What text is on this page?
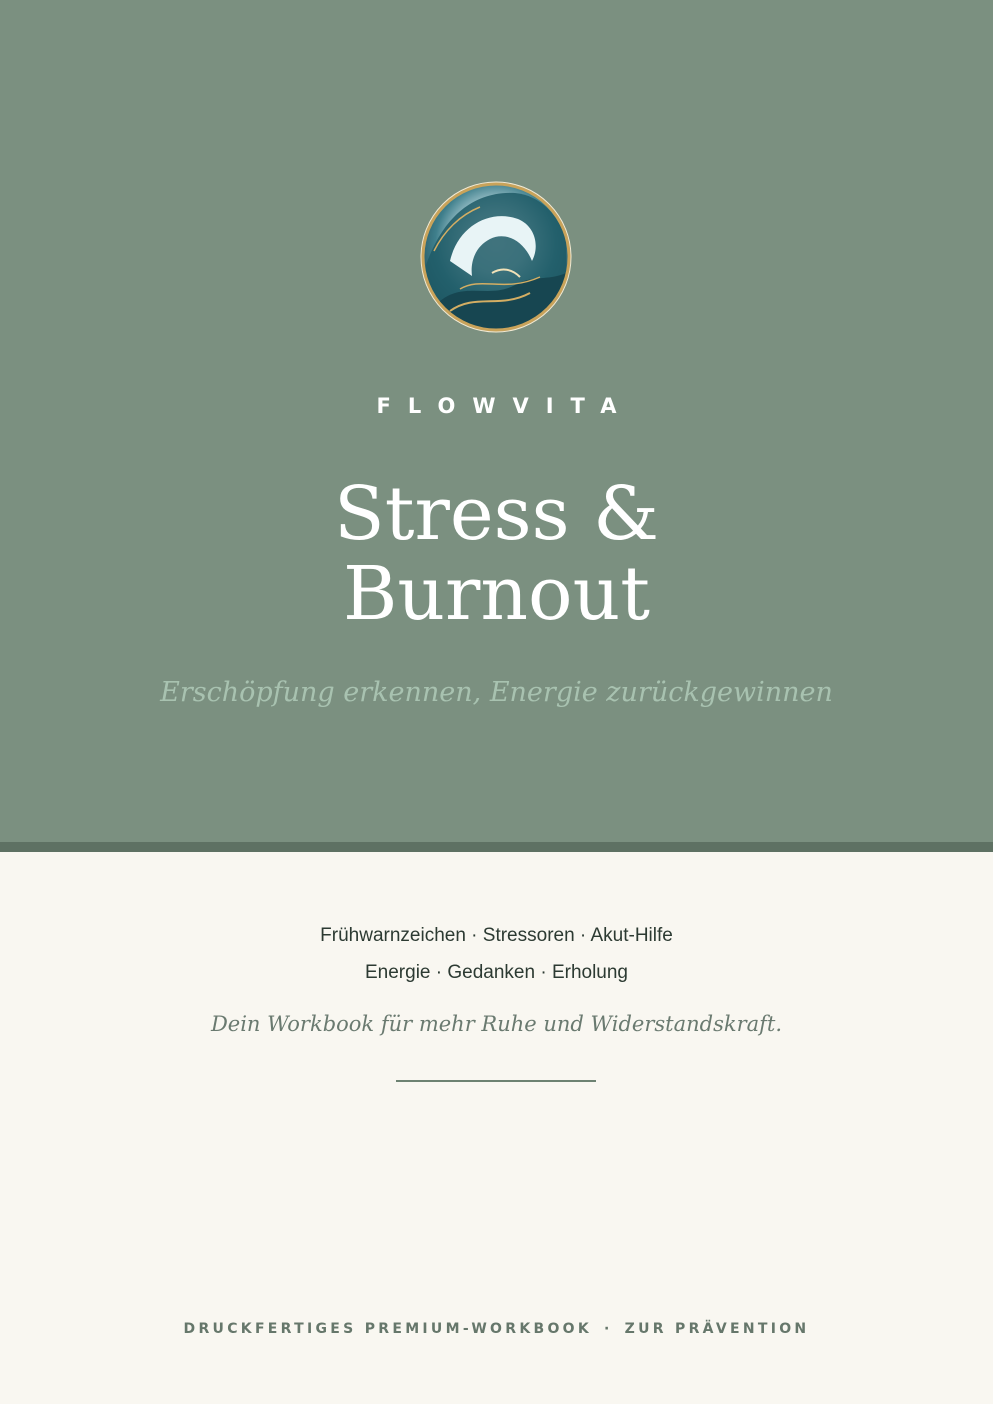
FLOWVITA
Stress &
Burnout
Erschöpfung erkennen, Energie zurückgewinnen
Frühwarnzeichen · Stressoren · Akut-Hilfe
Energie · Gedanken · Erholung
Dein Workbook für mehr Ruhe und Widerstandskraft.
DRUCKFERTIGES PREMIUM-WORKBOOK · ZUR PRÄVENTION
